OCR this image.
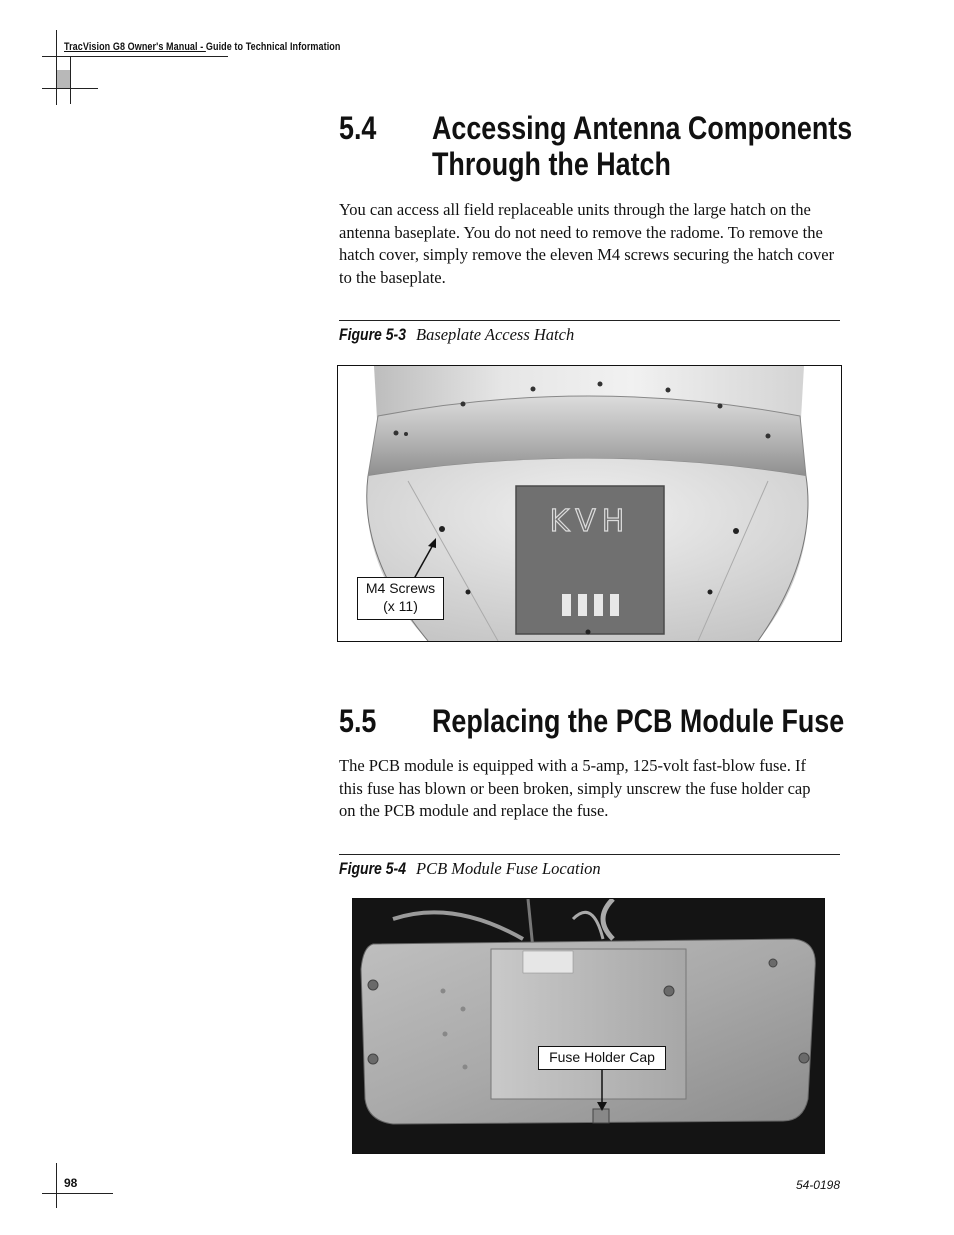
TracVision G8 Owner's Manual - Guide to Technical Information
5.4 Accessing Antenna Components
Through the Hatch

You can access all field replaceable units through the large hatch on the antenna baseplate. You do not need to remove the radome. To remove the hatch cover, simply remove the eleven M4 screws securing the hatch cover to the baseplate.

Figure 5-3 Baseplate Access Hatch
KVH
M4 Screws
(x 11)
5.5 Replacing the PCB Module Fuse

The PCB module is equipped with a 5-amp, 125-volt fast-blow fuse. If this fuse has blown or been broken, simply unscrew the fuse holder cap on the PCB module and replace the fuse.

Figure 5-4 PCB Module Fuse Location
Fuse Holder Cap
98	54-0198
